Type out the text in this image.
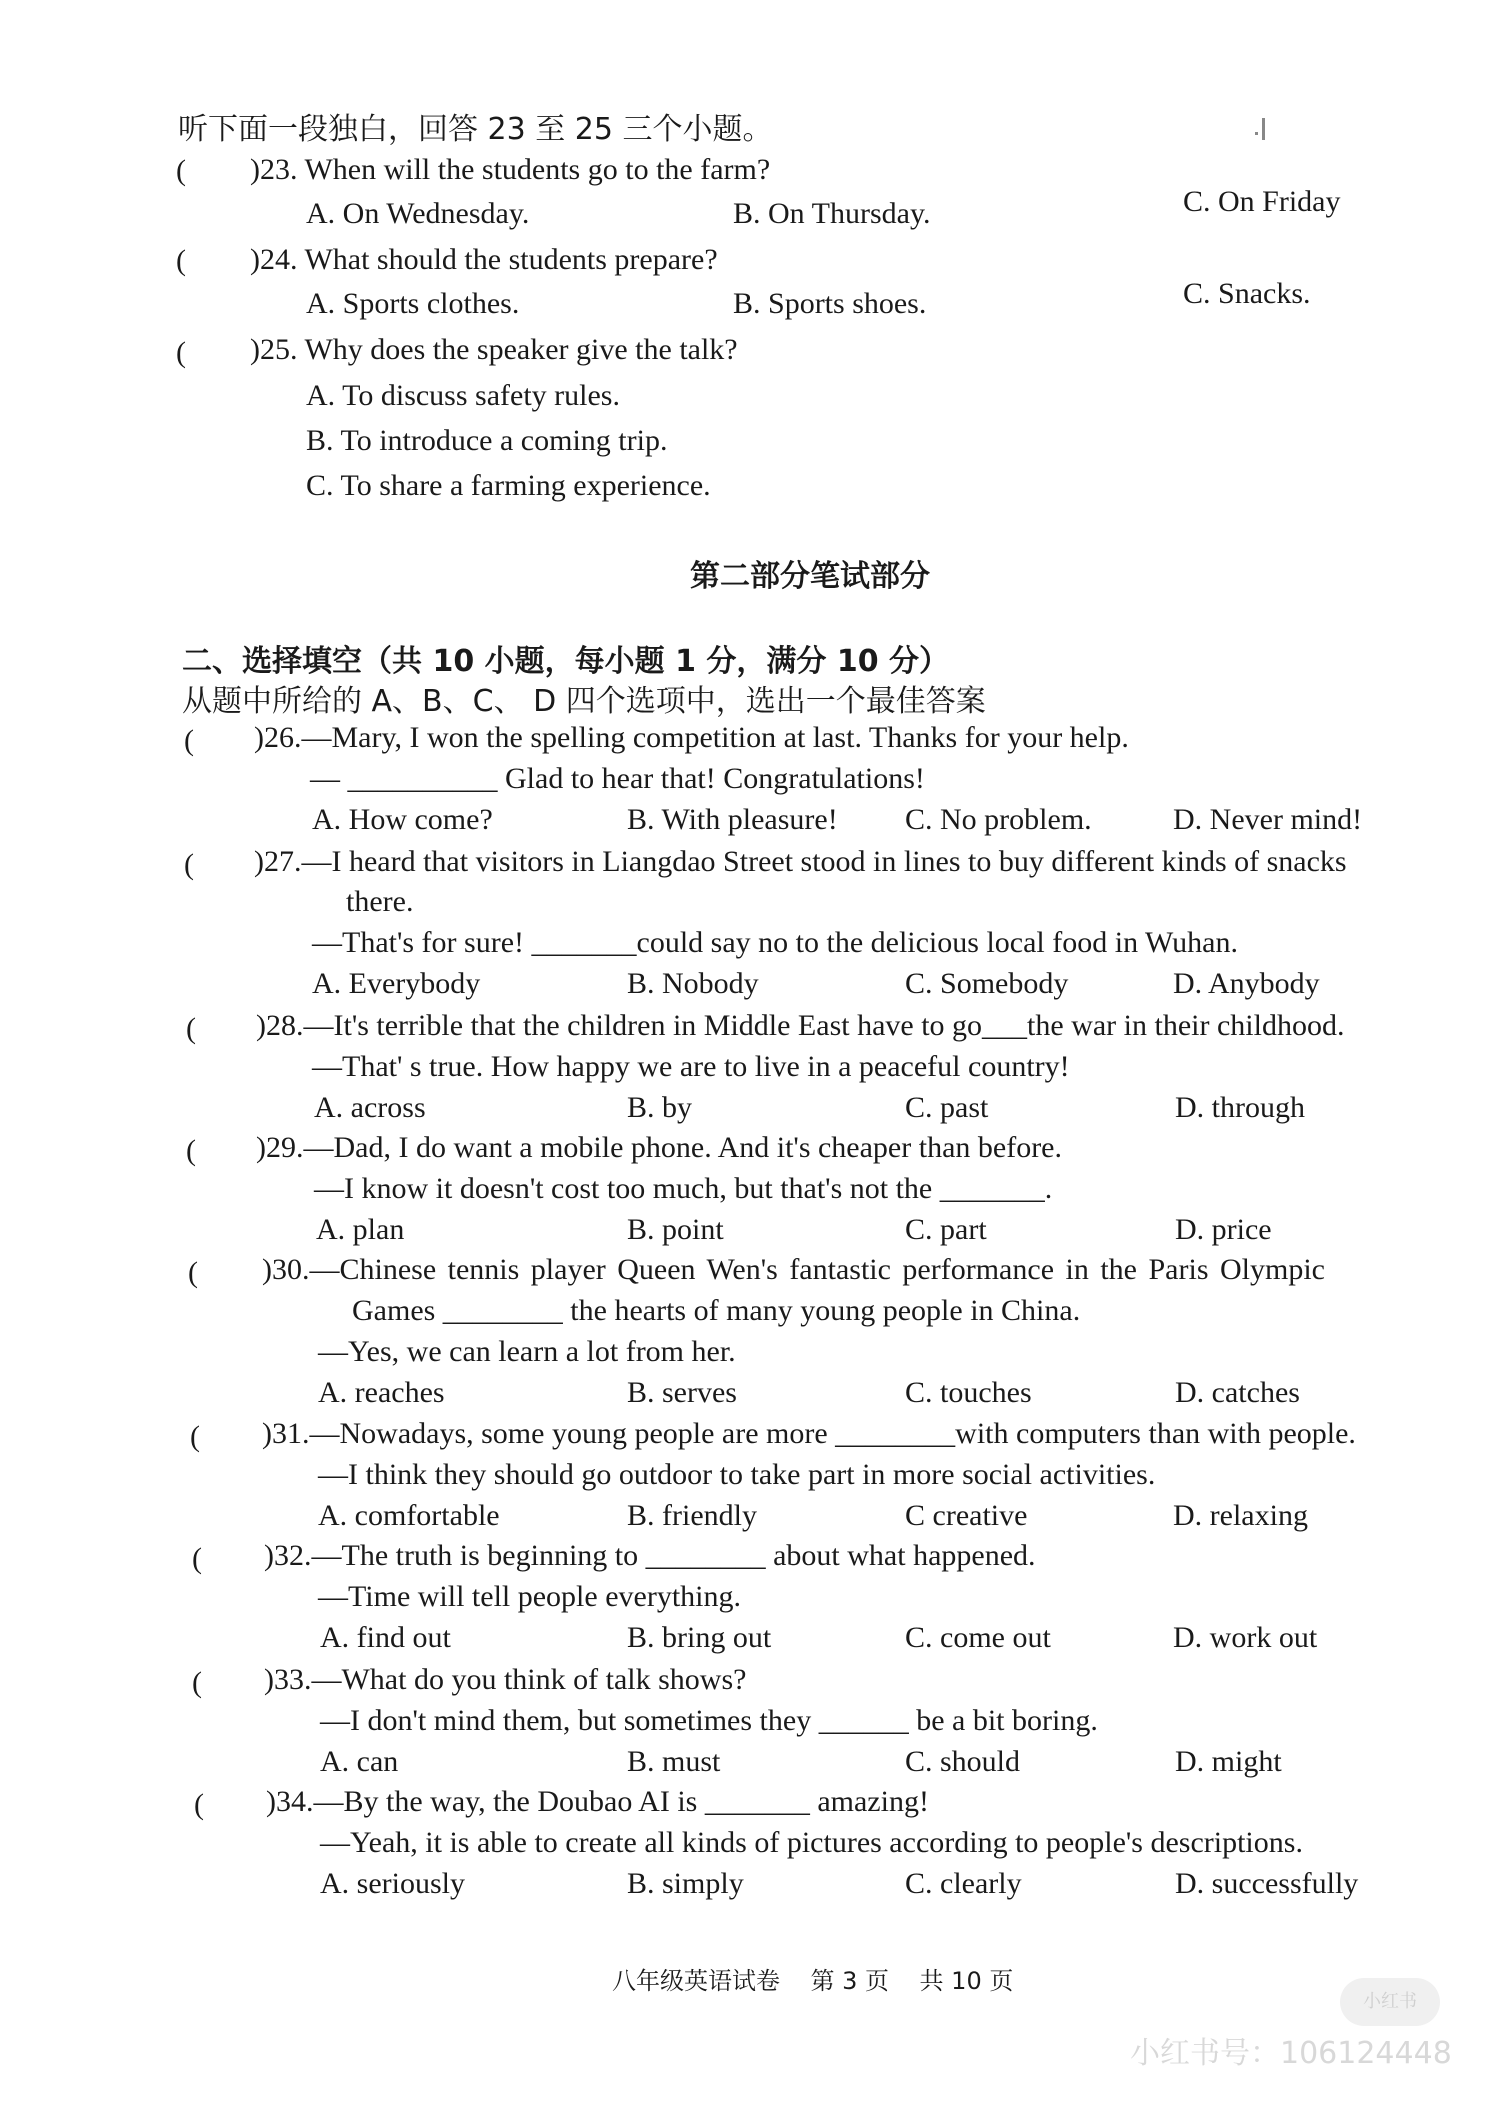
听下面一段独白，回答 23 至 25 三个小题。
( )23. When will the students go to the farm?
A. On Wednesday.	B. On Thursday.	C. On Friday
( )24. What should the students prepare?
A. Sports clothes.	B. Sports shoes.	C. Snacks.
( )25. Why does the speaker give the talk?
A. To discuss safety rules.
B. To introduce a coming trip.
C. To share a farming experience.
第二部分笔试部分
二、选择填空（共 10 小题，每小题 1 分，满分 10 分）
从题中所给的 A、B、C、 D 四个选项中，选出一个最佳答案
( )26.—Mary, I won the spelling competition at last. Thanks for your help.
— __________ Glad to hear that! Congratulations!
A. How come?	B. With pleasure! C. No problem.	D. Never mind!
( )27.—I heard that visitors in Liangdao Street stood in lines to buy different kinds of snacks
there.
—That's for sure! _______could say no to the delicious local food in Wuhan.
A. Everybody	B. Nobody	C. Somebody	D. Anybody
( )28.—It's terrible that the children in Middle East have to go___the war in their childhood.
—That' s true. How happy we are to live in a peaceful country!
A. across	B. by	C. past	D. through
( )29.—Dad, I do want a mobile phone. And it's cheaper than before.
—I know it doesn't cost too much, but that's not the _______.
A. plan	B. point	C. part	D. price
( )30.—Chinese tennis player Queen Wen's fantastic performance in the Paris Olympic
Games ________ the hearts of many young people in China.
—Yes, we can learn a lot from her.
A. reaches	B. serves	C. touches	D. catches
( )31.—Nowadays, some young people are more ________with computers than with people.
—I think they should go outdoor to take part in more social activities.
A. comfortable	B. friendly	C creative	D. relaxing
( )32.—The truth is beginning to ________ about what happened.
—Time will tell people everything.
A. find out	B. bring out	C. come out	D. work out
( )33.—What do you think of talk shows?
—I don't mind them, but sometimes they ______ be a bit boring.
A. can	B. must	C. should	D. might
( )34.—By the way, the Doubao AI is _______ amazing!
—Yeah, it is able to create all kinds of pictures according to people's descriptions.
A. seriously	B. simply	C. clearly	D. successfully
八年级英语试卷    第 3 页    共 10 页
小红书
小红书号：106124448
